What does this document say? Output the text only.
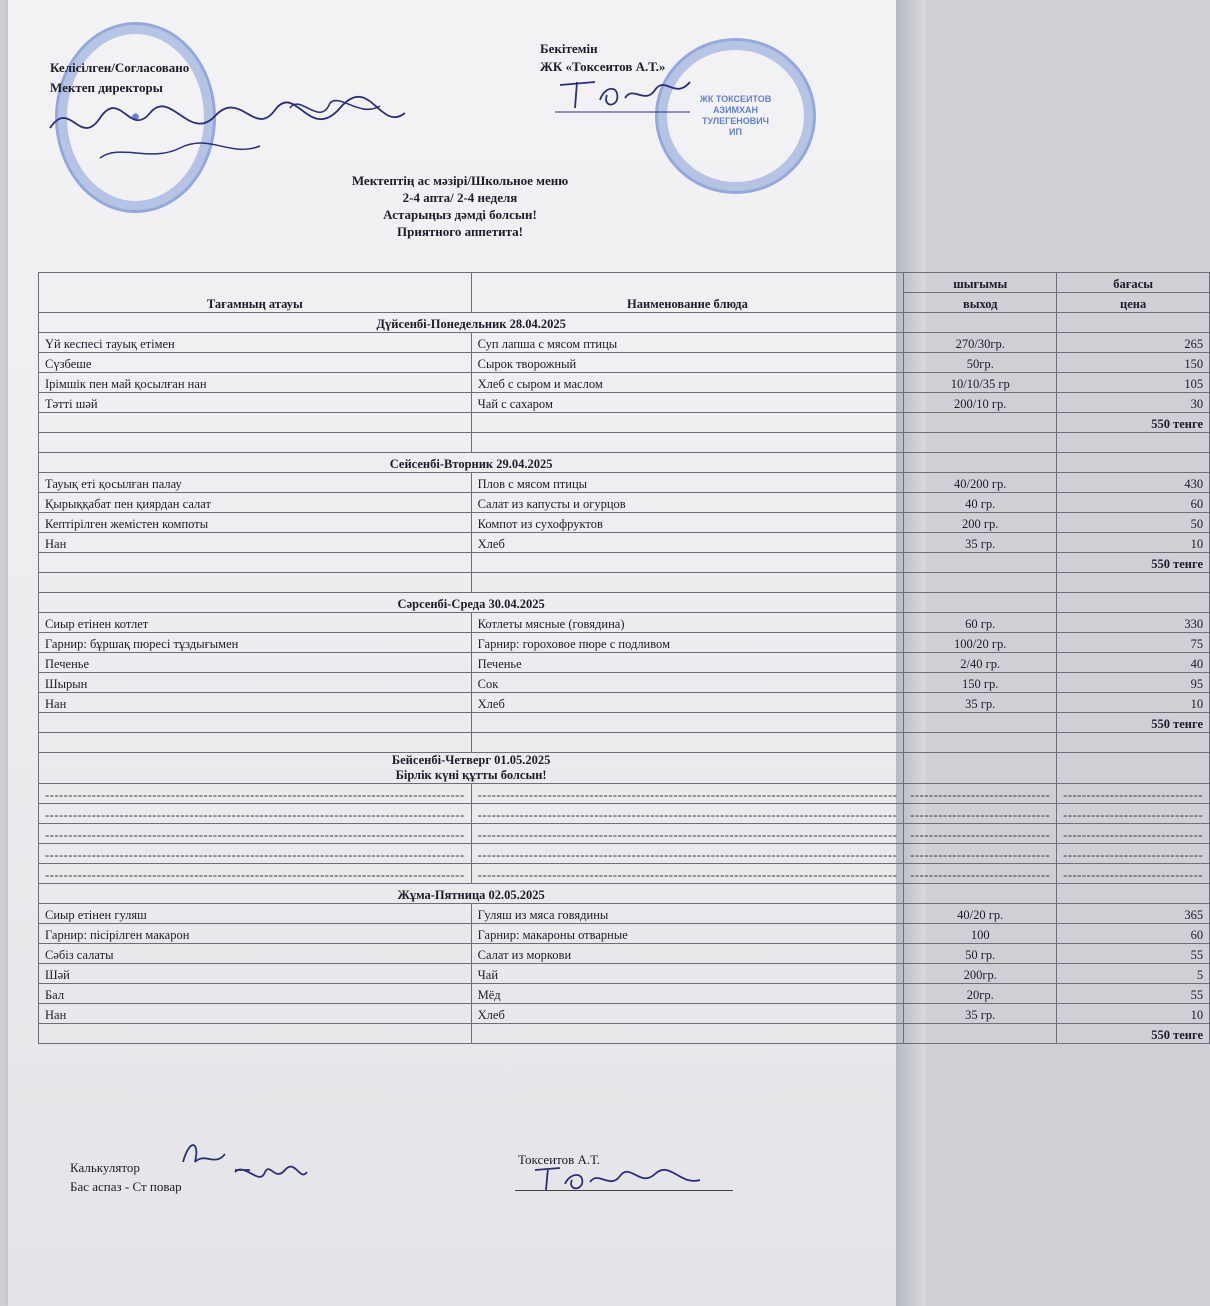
✺
ЖК ТОКСЕИТОВ АЗИМХАН ТУЛЕГЕНОВИЧ ИП
Келісілген/Согласовано
Мектеп директоры
Бекітемін
ЖК «Токсеитов А.Т.»
Мектептің ас мәзірі/Школьное меню
2-4 апта/ 2-4 неделя
Астарыңыз дәмді болсын!
Приятного аппетита!
Тағамның атауы	Наименование блюда	шығымы	бағасы
		выход	цена

Дүйсенбі-Понедельник 28.04.2025			

Үй кеспесі тауық етімен	Суп лапша с мясом птицы	270/30гр.	265
Сүзбеше	Сырок творожный	50гр.	150
Ірімшік пен май қосылған нан	Хлеб с сыром и маслом	10/10/35 гр	105
Тәтті шәй	Чай с сахаром	200/10 гр.	30
			550 тенге

Сейсенбі-Вторник 29.04.2025			

Тауық еті қосылған палау	Плов с мясом птицы	40/200 гр.	430
Қырыққабат пен қиярдан салат	Салат из капусты и огурцов	40 гр.	60
Кептірілген жемістен компоты	Компот из сухофруктов	200 гр.	50
Нан	Хлеб	35 гр.	10
			550 тенге

Сәрсенбі-Среда 30.04.2025			

Сиыр етінен котлет	Котлеты мясные (говядина)	60 гр.	330
Гарнир: бұршақ пюресі тұздығымен	Гарнир: гороховое пюре с подливом	100/20 гр.	75
Печенье	Печенье	2/40 гр.	40
Шырын	Сок	150 гр.	95
Нан	Хлеб	35 гр.	10
			550 тенге

Бейсенбі-Четверг 01.05.2025
Бірлік күні құтты болсын!			

------------------------------------------------------------------------------------------	------------------------------------------------------------------------------------------	------------------------------	------------------------------
------------------------------------------------------------------------------------------	------------------------------------------------------------------------------------------	------------------------------	------------------------------
------------------------------------------------------------------------------------------	------------------------------------------------------------------------------------------	------------------------------	------------------------------
------------------------------------------------------------------------------------------	------------------------------------------------------------------------------------------	------------------------------	------------------------------
------------------------------------------------------------------------------------------	------------------------------------------------------------------------------------------	------------------------------	------------------------------

Жұма-Пятница 02.05.2025			

Сиыр етінен гуляш	Гуляш из мяса говядины	40/20 гр.	365
Гарнир: пісірілген макарон	Гарнир: макароны отварные	100	60
Сәбіз салаты	Салат из моркови	50 гр.	55
Шәй	Чай	200гр.	5
Бал	Мёд	20гр.	55
Нан	Хлеб	35 гр.	10
			550 тенге
Калькулятор
Бас аспаз - Ст повар
Токсеитов А.Т.
